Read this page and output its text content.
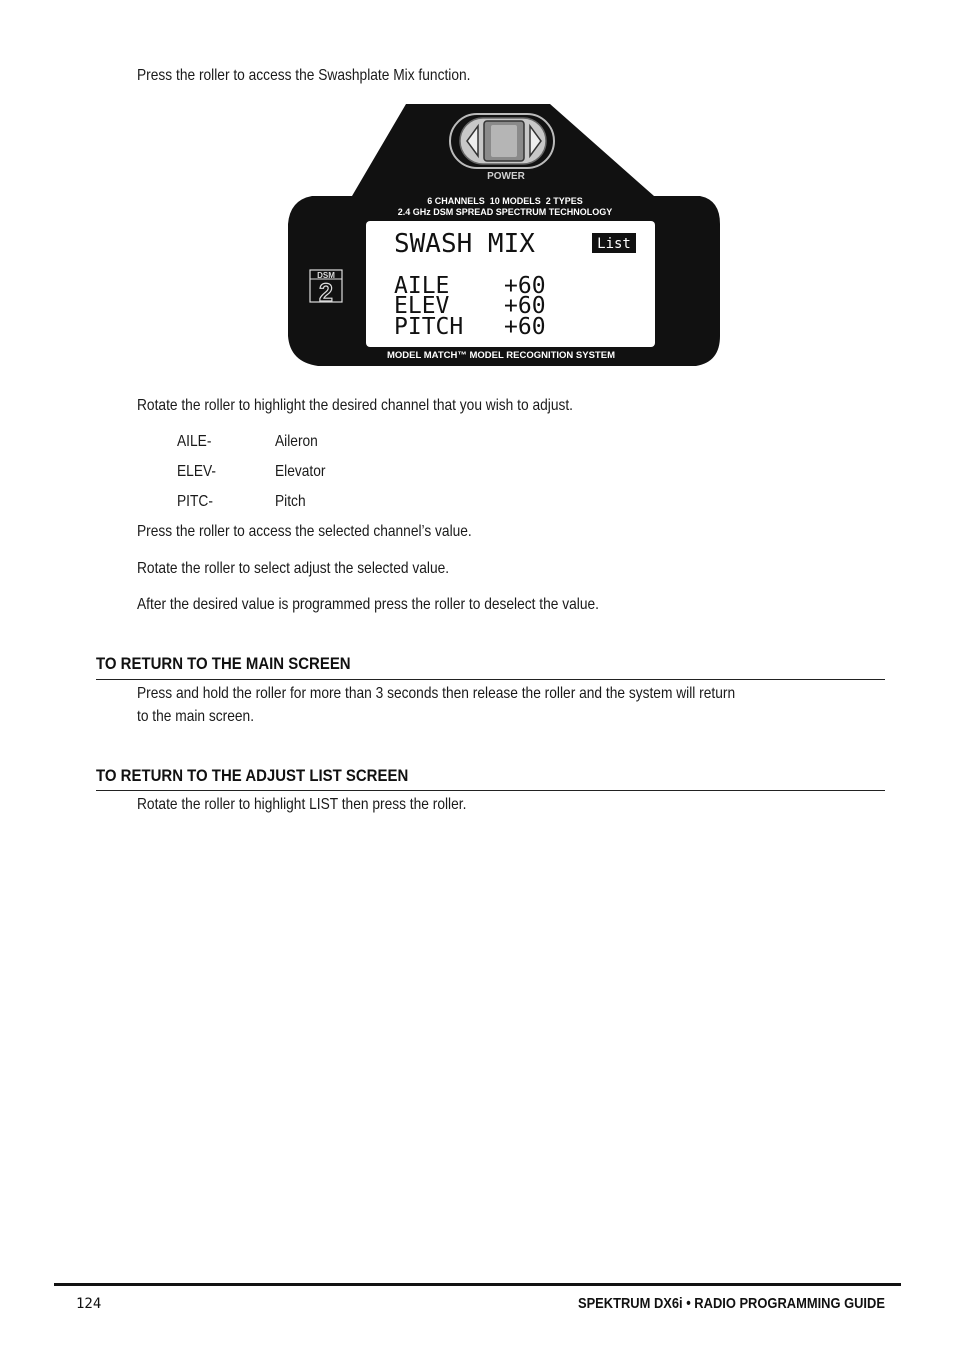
Press the roller to access the Swashplate Mix function.
POWER
6 CHANNELS  10 MODELS  2 TYPES
2.4 GHz DSM SPREAD SPECTRUM TECHNOLOGY
SWASH MIX	List
AILE +60
ELEV +60
PITCH +60
DSM
2
MODEL MATCH™ MODEL RECOGNITION SYSTEM
Rotate the roller to highlight the desired channel that you wish to adjust.
AILE-	Aileron
ELEV-	Elevator
PITC-	Pitch
Press the roller to access the selected channel’s value.
Rotate the roller to select adjust the selected value.
After the desired value is programmed press the roller to deselect the value.
TO RETURN TO THE MAIN SCREEN
Press and hold the roller for more than 3 seconds then release the roller and the system will return
to the main screen.
TO RETURN TO THE ADJUST LIST SCREEN
Rotate the roller to highlight LIST then press the roller.
124	SPEKTRUM DX6i • RADIO PROGRAMMING GUIDE
